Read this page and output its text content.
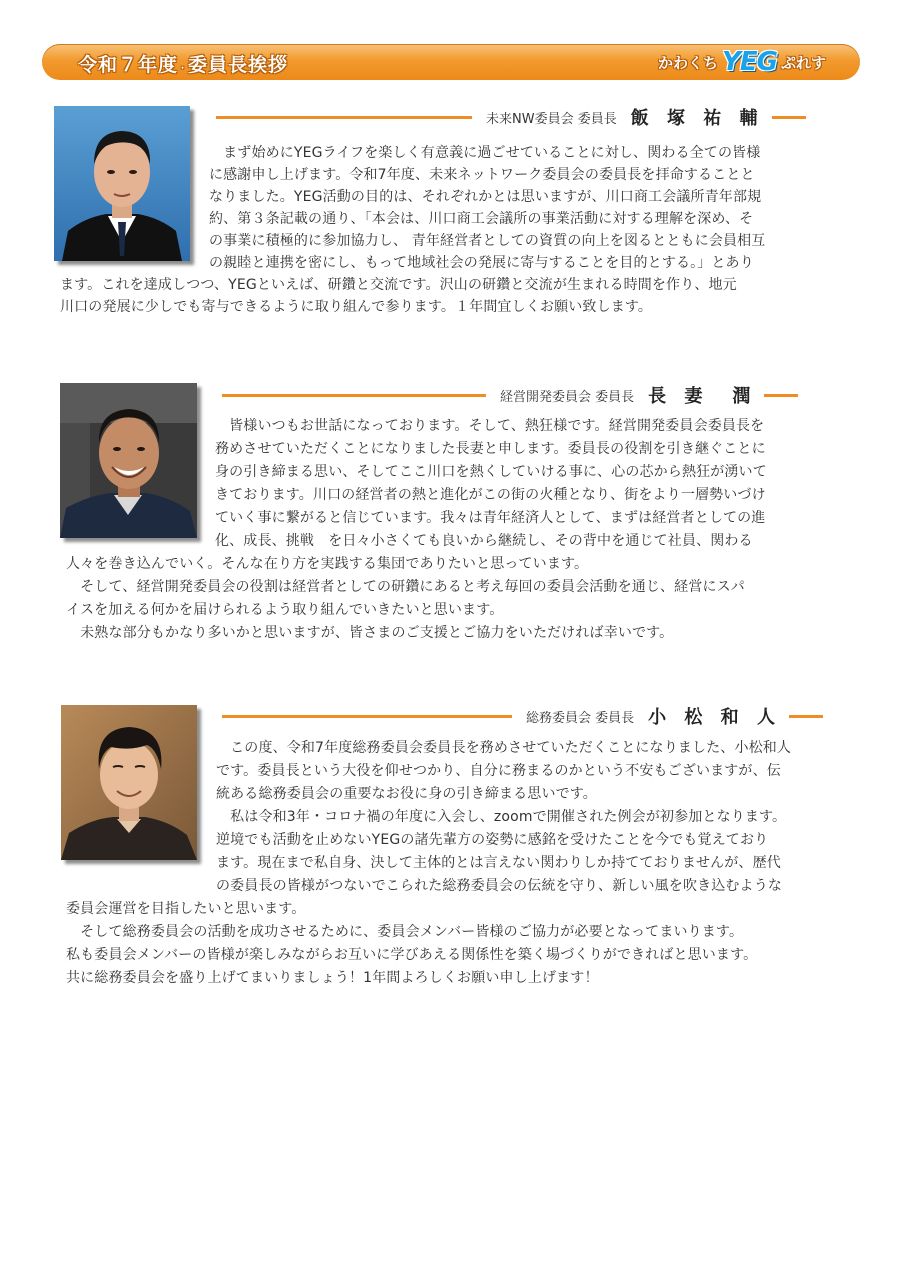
令和７年度・委員長挨拶	かわくち YEG ぷれす
未来NW委員会 委員長 飯 塚 祐 輔
　まず始めにYEGライフを楽しく有意義に過ごせていることに対し、関わる全ての皆様
に感謝申し上げます。令和7年度、未来ネットワーク委員会の委員長を拝命することと
なりました。YEG活動の目的は、それぞれかとは思いますが、川口商工会議所青年部規
約、第３条記載の通り、「本会は、川口商工会議所の事業活動に対する理解を深め、そ
の事業に積極的に参加協力し、 青年経営者としての資質の向上を図るとともに会員相互
の親睦と連携を密にし、もって地域社会の発展に寄与することを目的とする。」とあり
ます。これを達成しつつ、YEGといえば、研鑽と交流です。沢山の研鑽と交流が生まれる時間を作り、地元
川口の発展に少しでも寄与できるように取り組んで参ります。１年間宜しくお願い致します。
経営開発委員会 委員長 長 妻　潤
　皆様いつもお世話になっております。そして、熱狂様です。経営開発委員会委員長を
務めさせていただくことになりました長妻と申します。委員長の役割を引き継ぐことに
身の引き締まる思い、そしてここ川口を熱くしていける事に、心の芯から熱狂が湧いて
きております。川口の経営者の熱と進化がこの街の火種となり、街をより一層勢いづけ
ていく事に繋がると信じています。我々は青年経済人として、まずは経営者としての進
化、成長、挑戦　を日々小さくても良いから継続し、その背中を通じて社員、関わる
人々を巻き込んでいく。そんな在り方を実践する集団でありたいと思っています。
　そして、経営開発委員会の役割は経営者としての研鑽にあると考え毎回の委員会活動を通じ、経営にスパ
イスを加える何かを届けられるよう取り組んでいきたいと思います。
　未熟な部分もかなり多いかと思いますが、皆さまのご支援とご協力をいただければ幸いです。
総務委員会 委員長 小 松 和 人
　この度、令和7年度総務委員会委員長を務めさせていただくことになりました、小松和人
です。委員長という大役を仰せつかり、自分に務まるのかという不安もございますが、伝
統ある総務委員会の重要なお役に身の引き締まる思いです。
　私は令和3年・コロナ禍の年度に入会し、zoomで開催された例会が初参加となります。
逆境でも活動を止めないYEGの諸先輩方の姿勢に感銘を受けたことを今でも覚えており
ます。現在まで私自身、決して主体的とは言えない関わりしか持てておりませんが、歴代
の委員長の皆様がつないでこられた総務委員会の伝統を守り、新しい風を吹き込むような
委員会運営を目指したいと思います。
　そして総務委員会の活動を成功させるために、委員会メンバー皆様のご協力が必要となってまいります。
私も委員会メンバーの皆様が楽しみながらお互いに学びあえる関係性を築く場づくりができればと思います。
共に総務委員会を盛り上げてまいりましょう！1年間よろしくお願い申し上げます！
